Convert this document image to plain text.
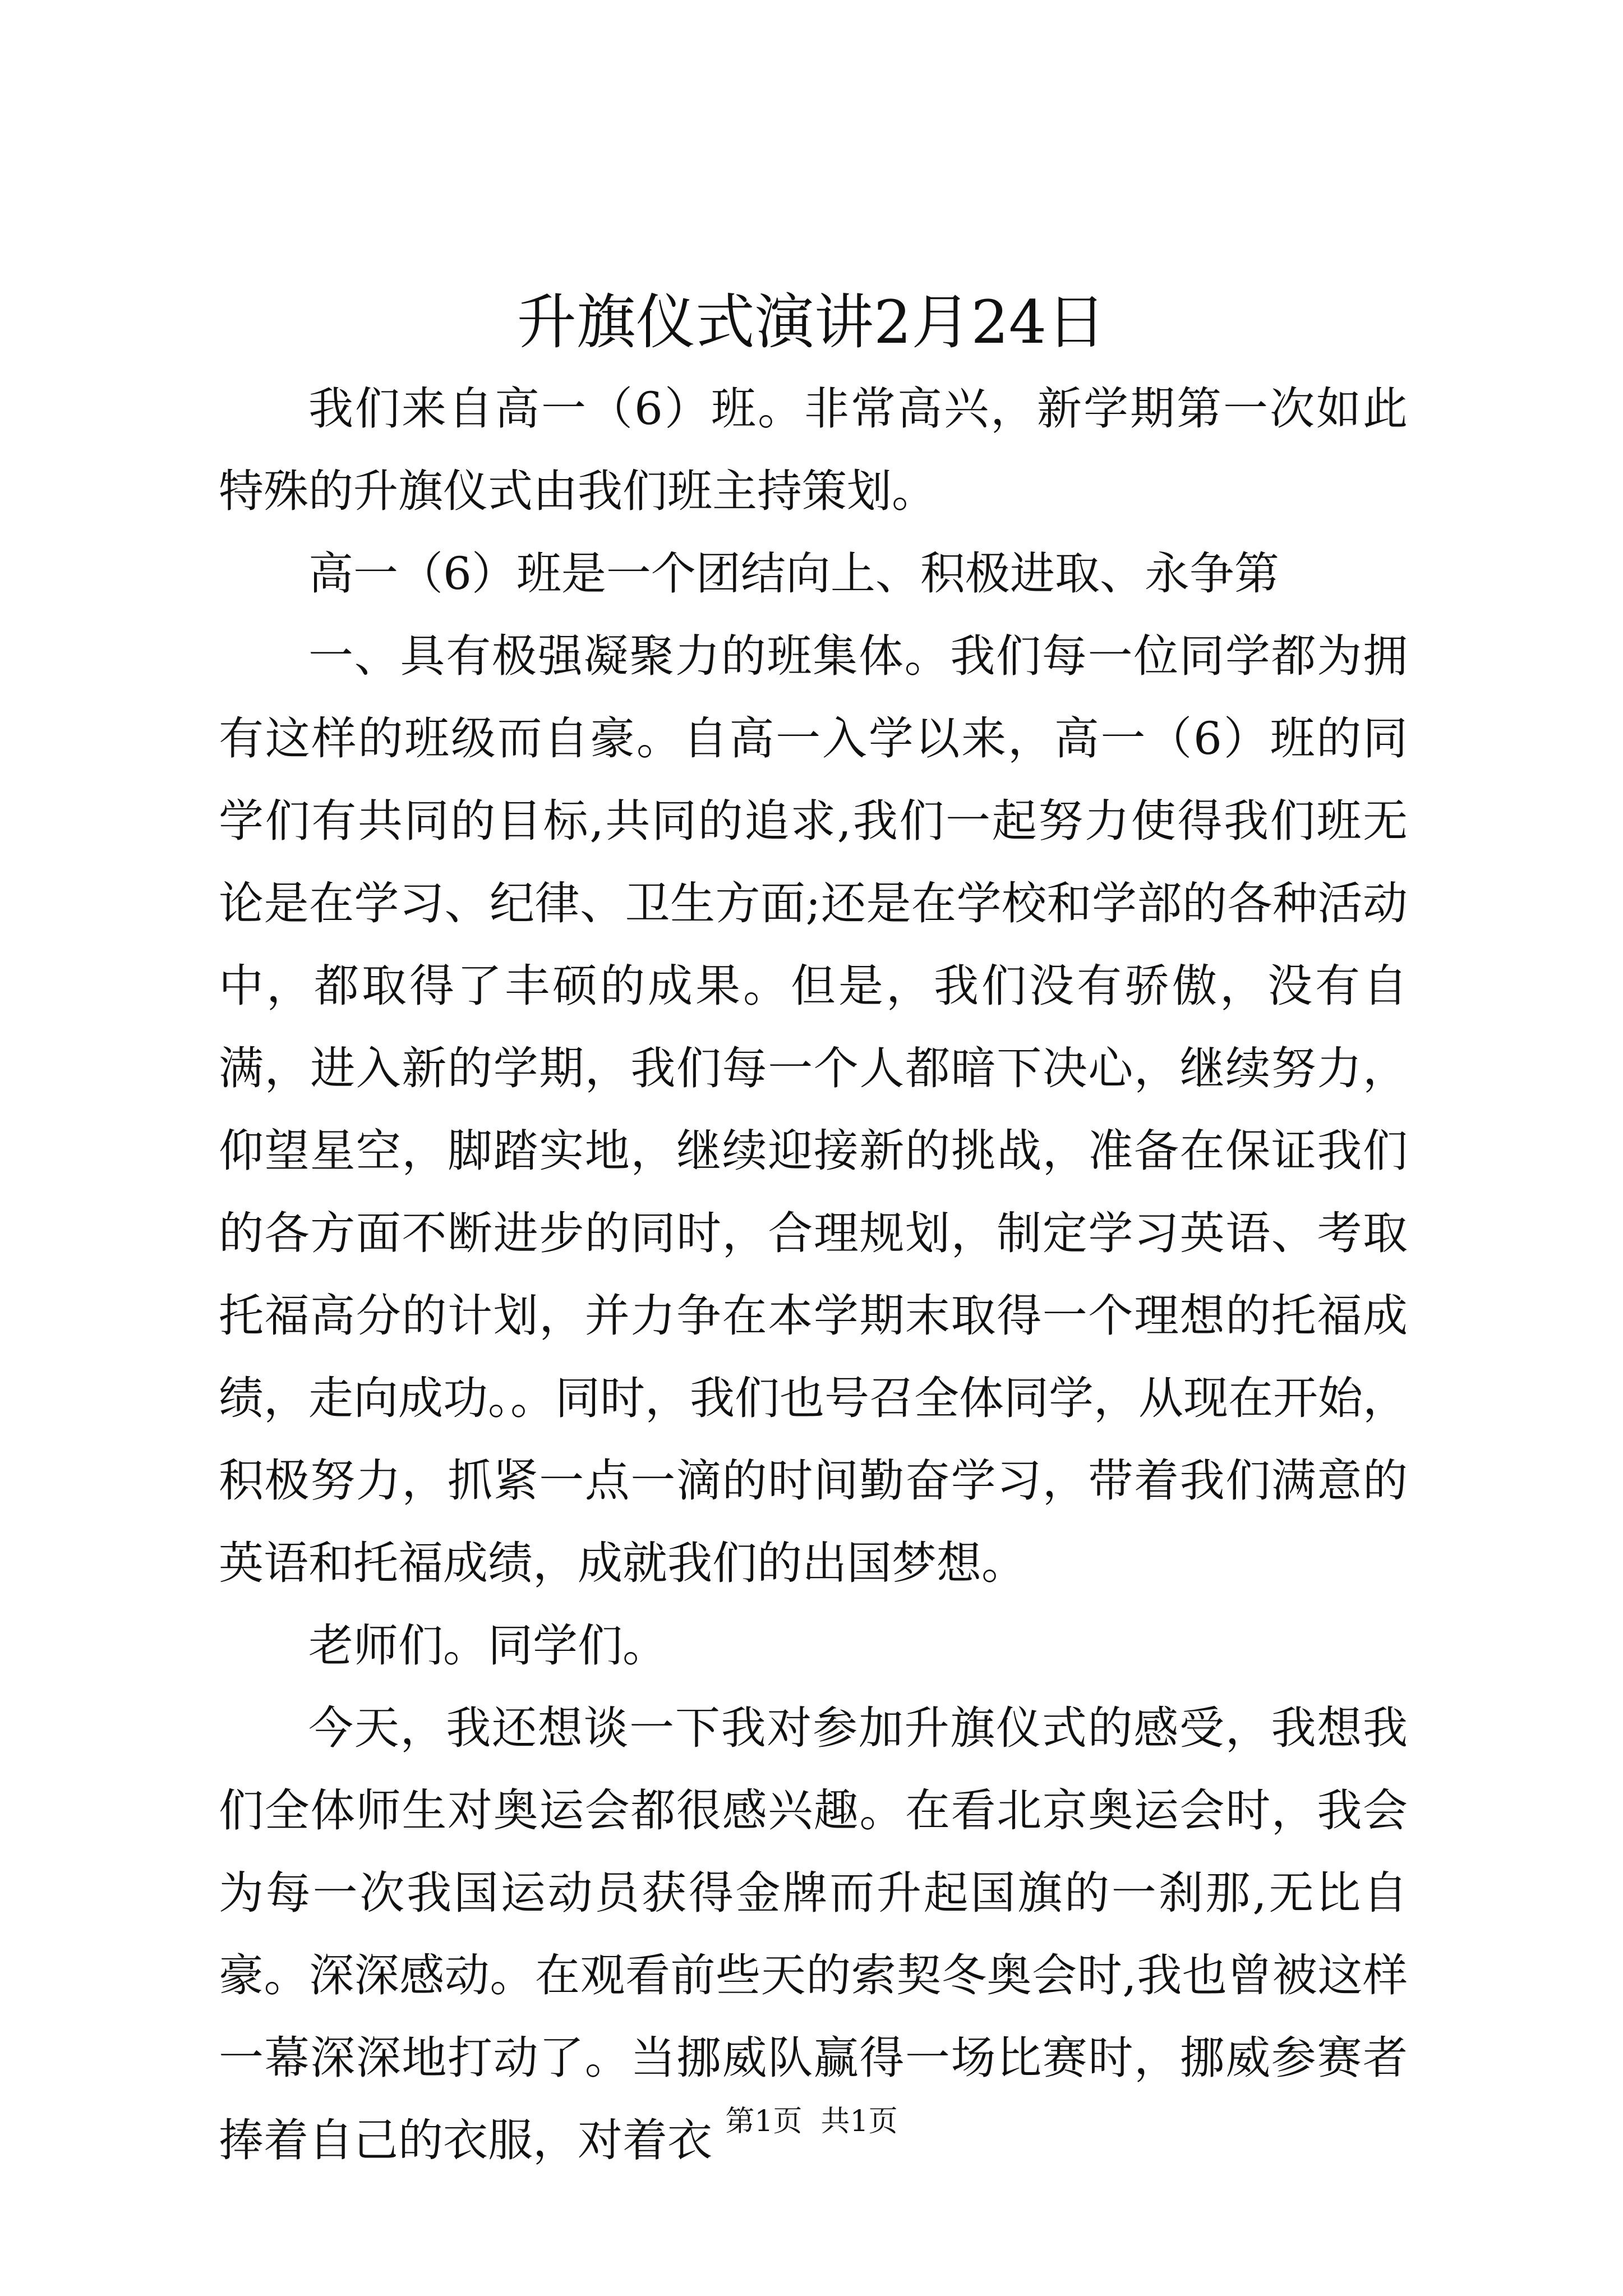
升旗仪式演讲2月24日

我们来自高一（6）班。非常高兴，新学期第一次如此特殊的升旗仪式由我们班主持策划。

高一（6）班是一个团结向上、积极进取、永争第

一、具有极强凝聚力的班集体。我们每一位同学都为拥有这样的班级而自豪。自高一入学以来，高一（6）班的同学们有共同的目标,共同的追求,我们一起努力使得我们班无论是在学习、纪律、卫生方面;还是在学校和学部的各种活动中，都取得了丰硕的成果。但是，我们没有骄傲，没有自满，进入新的学期，我们每一个人都暗下决心，继续努力，仰望星空，脚踏实地，继续迎接新的挑战，准备在保证我们的各方面不断进步的同时，合理规划，制定学习英语、考取托福高分的计划，并力争在本学期末取得一个理想的托福成绩，走向成功。。同时，我们也号召全体同学，从现在开始，积极努力，抓紧一点一滴的时间勤奋学习，带着我们满意的英语和托福成绩，成就我们的出国梦想。

老师们。同学们。

今天，我还想谈一下我对参加升旗仪式的感受，我想我们全体师生对奥运会都很感兴趣。在看北京奥运会时，我会为每一次我国运动员获得金牌而升起国旗的一刹那,无比自豪。深深感动。在观看前些天的索契冬奥会时,我也曾被这样一幕深深地打动了。当挪威队赢得一场比赛时，挪威参赛者捧着自己的衣服，对着衣 第1页  共1页
